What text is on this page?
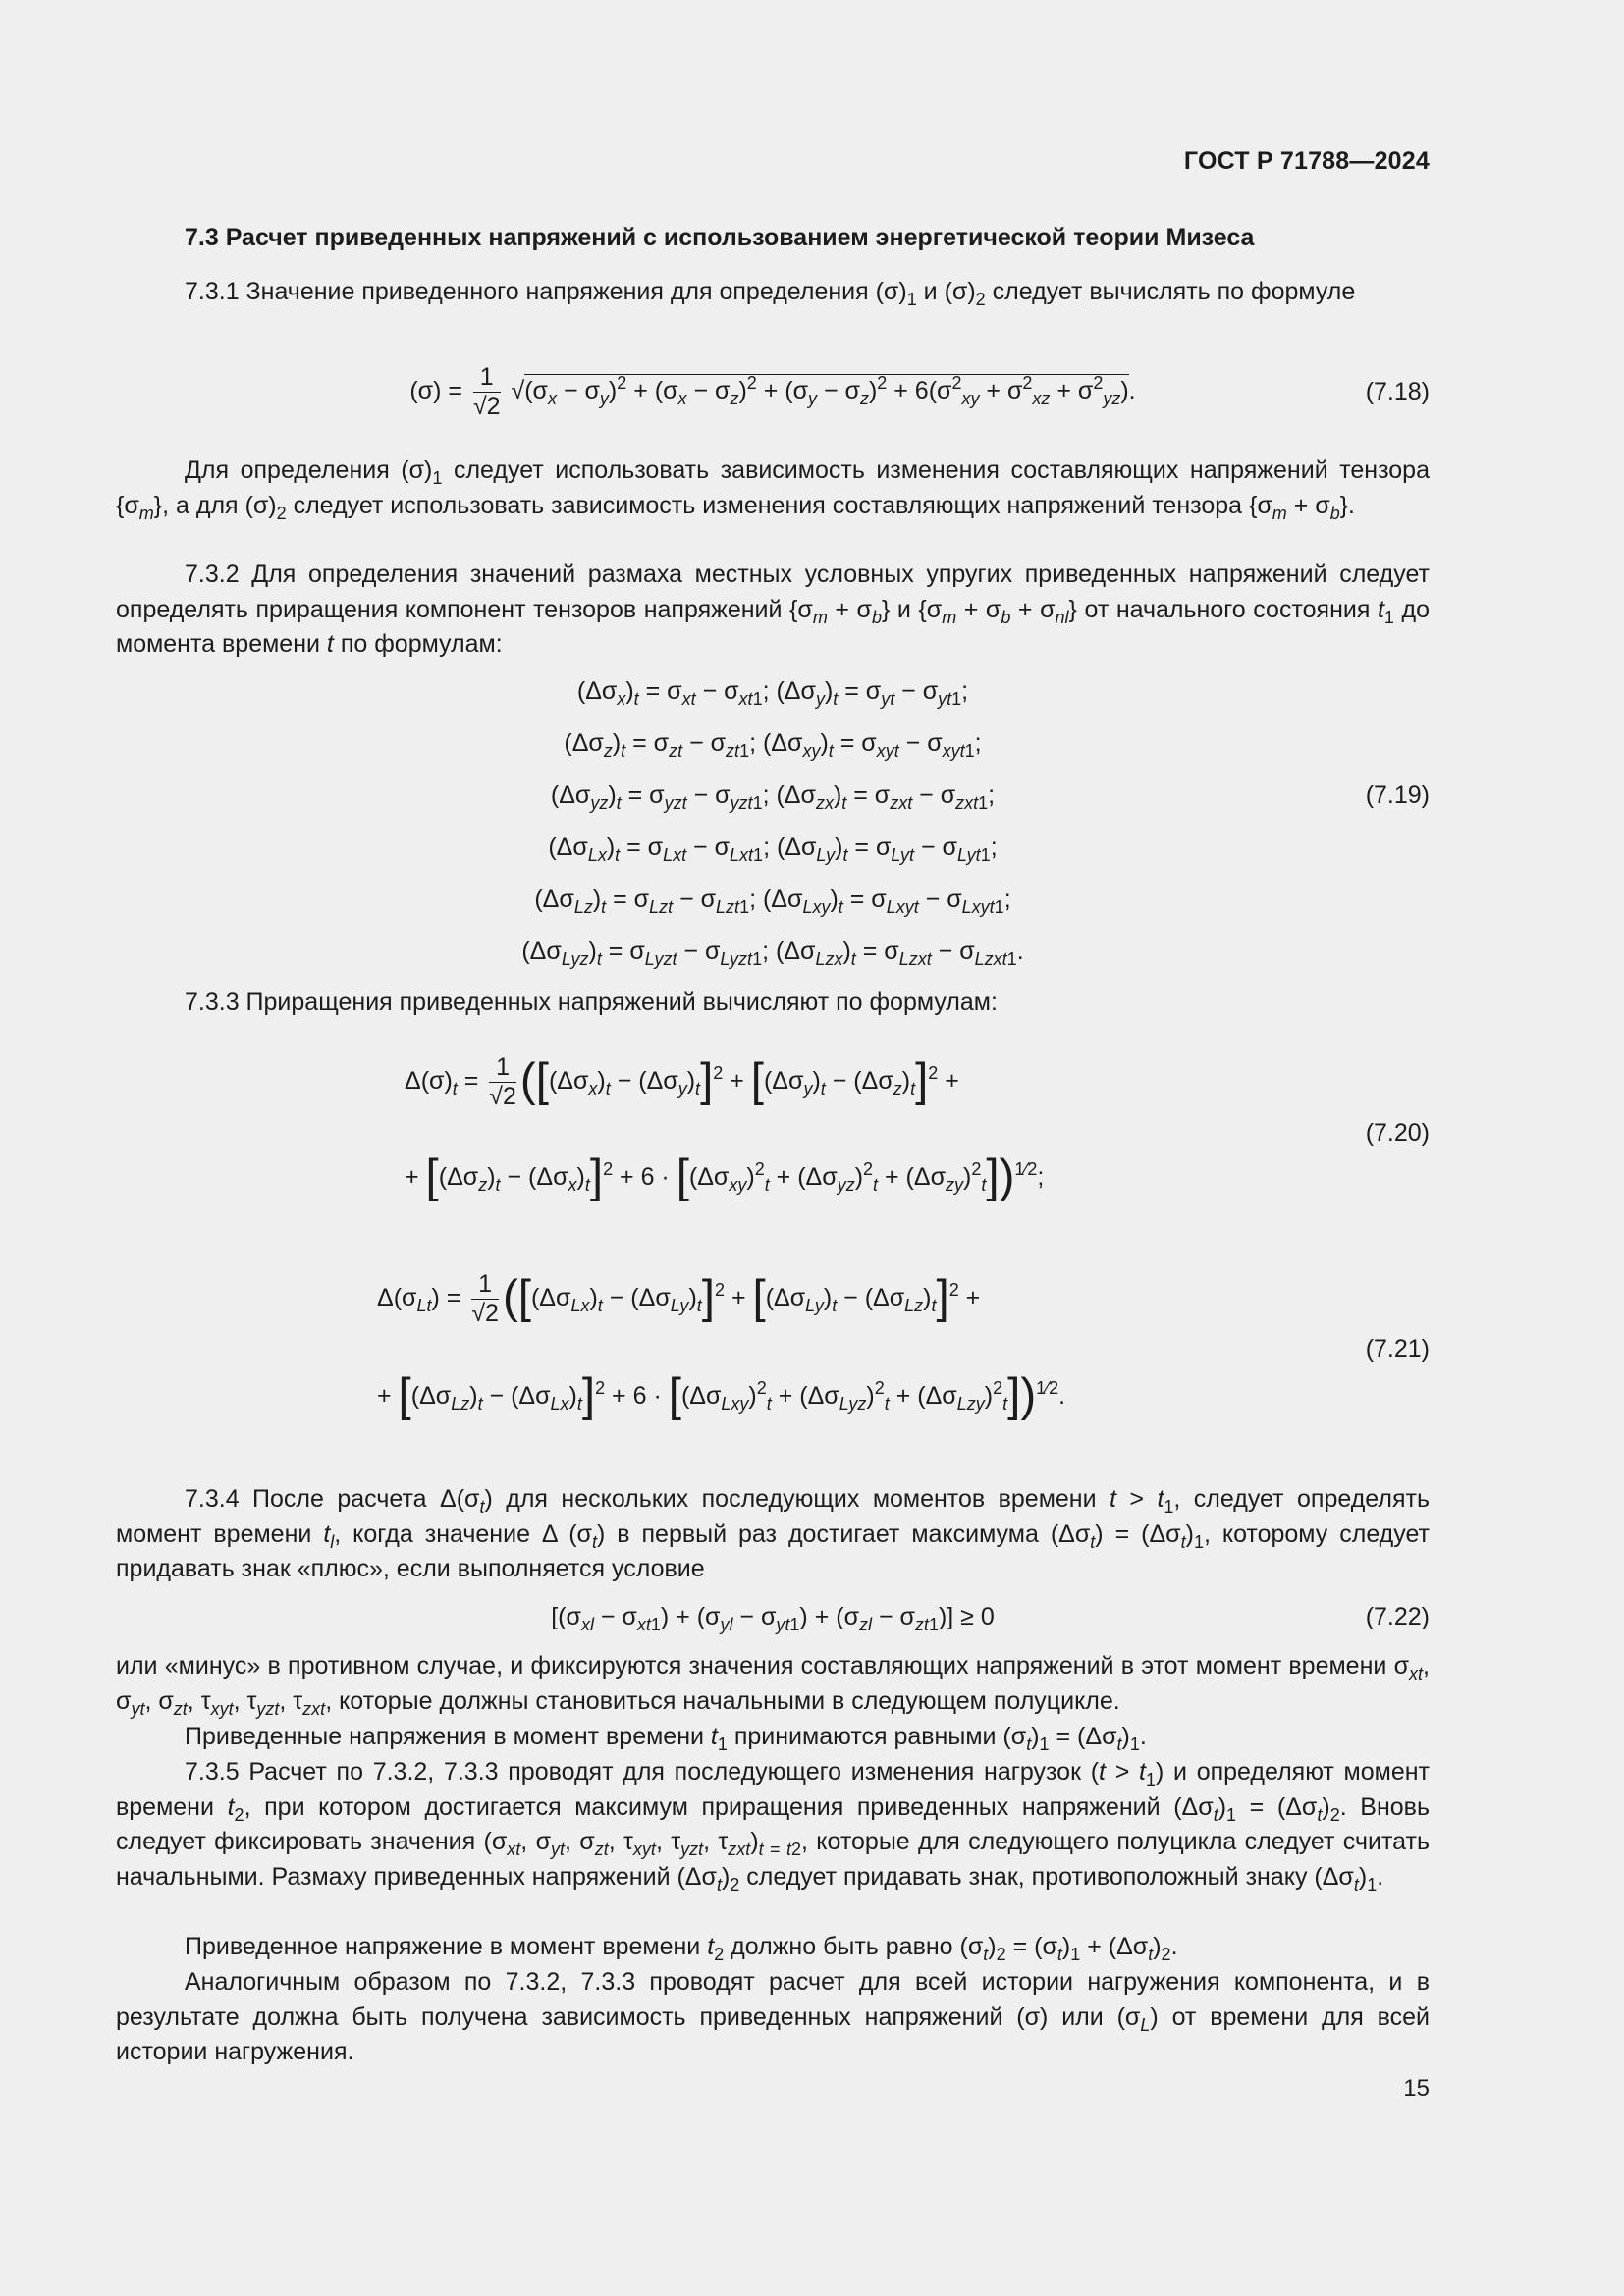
ГОСТ Р 71788—2024
7.3 Расчет приведенных напряжений с использованием энергетической теории Мизеса
7.3.1 Значение приведенного напряжения для определения $(\sigma)_1$ и $(\sigma)_2$ следует вычислять по формуле
$(\sigma) = \frac{1}{√2} √(\sigma_x - \sigma_y)^2 + (\sigma_x - \sigma_z)^2 + (\sigma_y - \sigma_z)^2 + 6(\sigma^2_{xy} + \sigma^2_{xz} + \sigma^2_{yz})$.	(7.18)
Для определения $(\sigma)_1$ следует использовать зависимость изменения составляющих напряжений тензора $\{\sigma_m\}$, а для $(\sigma)_2$ следует использовать зависимость изменения составляющих напряжений тензора $\{\sigma_m + \sigma_b\}$.
7.3.2 Для определения значений размаха местных условных упругих приведенных напряжений следует определять приращения компонент тензоров напряжений $\{\sigma_m + \sigma_b\}$ и $\{\sigma_m + \sigma_b + \sigma_{nl}\}$ от начального состояния $t_1$ до момента времени t по формулам:
$(\Delta\sigma_x)_t = \sigma_{xt} - \sigma_{xt1}$; $(\Delta\sigma_y)_t = \sigma_{yt} - \sigma_{yt1}$;
$(\Delta\sigma_z)_t = \sigma_{zt} - \sigma_{zt1}$; $(\Delta\sigma_{xy})_t = \sigma_{xyt} - \sigma_{xyt1}$;
$(\Delta\sigma_{yz})_t = \sigma_{yzt} - \sigma_{yzt1}$; $(\Delta\sigma_{zx})_t = \sigma_{zxt} - \sigma_{zxt1}$;	(7.19)
$(\Delta\sigma_{Lx})_t = \sigma_{Lxt} - \sigma_{Lxt1}$; $(\Delta\sigma_{Ly})_t = \sigma_{Lyt} - \sigma_{Lyt1}$;
$(\Delta\sigma_{Lz})_t = \sigma_{Lzt} - \sigma_{Lzt1}$; $(\Delta\sigma_{Lxy})_t = \sigma_{Lxyt} - \sigma_{Lxyt1}$;
$(\Delta\sigma_{Lyz})_t = \sigma_{Lyzt} - \sigma_{Lyzt1}$; $(\Delta\sigma_{Lzx})_t = \sigma_{Lzxt} - \sigma_{Lzxt1}$.
7.3.3 Приращения приведенных напряжений вычисляют по формулам:
$\Delta(\sigma)_t = \frac{1}{√2} ([(\Delta\sigma_x)_t - (\Delta\sigma_y)_t]^2 + [(\Delta\sigma_y)_t - (\Delta\sigma_z)_t]^2$ +
(7.20)
+ $[(\Delta\sigma_z)_t - (\Delta\sigma_x)_t]^2 + 6 \cdot [(\Delta\sigma_{xy})^2_t + (\Delta\sigma_{yz})^2_t + (\Delta\sigma_{zy})^2_t])^{1⁄2}$;
$\Delta(\sigma_{Lt}) = \frac{1}{√2} ([(\Delta\sigma_{Lx})_t - (\Delta\sigma_{Ly})_t]^2 + [(\Delta\sigma_{Ly})_t - (\Delta\sigma_{Lz})_t]^2$ +
(7.21)
+ $[(\Delta\sigma_{Lz})_t - (\Delta\sigma_{Lx})_t]^2 + 6 \cdot [(\Delta\sigma_{Lxy})^2_t + (\Delta\sigma_{Lyz})^2_t + (\Delta\sigma_{Lzy})^2_t])^{1⁄2}$.
7.3.4 После расчета $\Delta(\sigma_t)$ для нескольких последующих моментов времени $t > t_1$, следует определять момент времени $t_l$, когда значение Δ $(\sigma_t)$ в первый раз достигает максимума $(\Delta\sigma_t) = (\Delta\sigma_t)_1$, которому следует придавать знак «плюс», если выполняется условие
$[(\sigma_{xl} - \sigma_{xt1}) + (\sigma_{yl} - \sigma_{yt1}) + (\sigma_{zl} - \sigma_{zt1})] \ge 0$	(7.22)
или «минус» в противном случае, и фиксируются значения составляющих напряжений в этот момент времени $\sigma_{xt}$, $\sigma_{yt}$, $\sigma_{zt}$, $\tau_{xyt}$, $\tau_{yzt}$, $\tau_{zxt}$, которые должны становиться начальными в следующем полуцикле.
Приведенные напряжения в момент времени $t_1$ принимаются равными $(\sigma_t)_1 = (\Delta\sigma_t)_1$.
7.3.5 Расчет по 7.3.2, 7.3.3 проводят для последующего изменения нагрузок $(t > t_1)$ и определяют момент времени $t_2$, при котором достигается максимум приращения приведенных напряжений $(\Delta\sigma_t)_1 = (\Delta\sigma_t)_2$. Вновь следует фиксировать значения ($\sigma_{xt}$, $\sigma_{yt}$, $\sigma_{zt}$, $\tau_{xyt}$, $\tau_{yzt}$, $\tau_{zxt})_{t = t2}$, которые для следующего полуцикла следует считать начальными. Размаху приведенных напряжений $(\Delta\sigma_t)_2$ следует придавать знак, противоположный знаку $(\Delta\sigma_t)_1$.
Приведенное напряжение в момент времени $t_2$ должно быть равно $(\sigma_t)_2 = (\sigma_t)_1 + (\Delta\sigma_t)_2$.
Аналогичным образом по 7.3.2, 7.3.3 проводят расчет для всей истории нагружения компонента, и в результате должна быть получена зависимость приведенных напряжений (σ) или $(\sigma_L)$ от времени для всей истории нагружения.
15
